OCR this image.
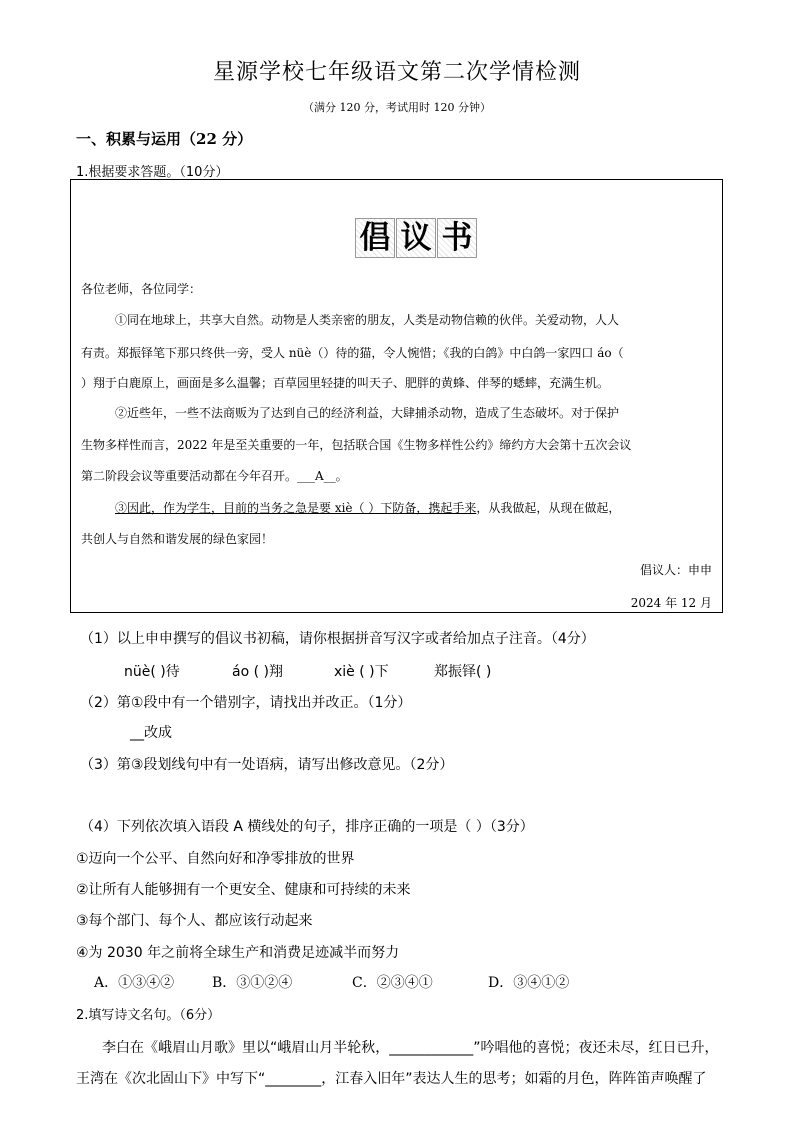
星源学校七年级语文第二次学情检测
（满分 120 分，考试用时 120 分钟）
一、积累与运用（22 分）
1.根据要求答题。（10分）
倡 议 书
各位老师，各位同学：
①同在地球上，共享大自然。动物是人类亲密的朋友，人类是动物信赖的伙伴。关爱动物，人人
有责。郑振铎笔下那只终供一旁，受人 nüè（）待的猫，令人惋惜；《我的白鸽》中白鸽一家四口 áo（
）翔于白鹿原上，画面是多么温馨；百草园里轻捷的叫天子、肥胖的黄蜂、伴琴的蟋蟀，充满生机。
②近些年，一些不法商贩为了达到自己的经济利益，大肆捕杀动物，造成了生态破坏。对于保护
生物多样性而言，2022 年是至关重要的一年，包括联合国《生物多样性公约》缔约方大会第十五次会议
第二阶段会议等重要活动都在今年召开。___A__。
③因此，作为学生，目前的当务之急是要 xiè（ ）下防备，携起手来，从我做起，从现在做起，
共创人与自然和谐发展的绿色家园！
倡议人：申申
2024 年 12 月
（1）以上申申撰写的倡议书初稿，请你根据拼音写汉字或者给加点子注音。（4分）
nüè( )待	áo ( )翔	xiè ( )下	郑振铎( )
（2）第①段中有一个错别字，请找出并改正。（1分）
__改成
（3）第③段划线句中有一处语病，请写出修改意见。（2分）
（4）下列依次填入语段 A 横线处的句子，排序正确的一项是（ ）（3分）
①迈向一个公平、自然向好和净零排放的世界
②让所有人能够拥有一个更安全、健康和可持续的未来
③每个部门、每个人、都应该行动起来
④为 2030 年之前将全球生产和消费足迹减半而努力
A．①③④②	B．③①②④	C．②③④①	D．③④①②
2.填写诗文名句。（6分）
李白在《峨眉山月歌》里以“峨眉山月半轮秋，____________”吟唱他的喜悦；夜还未尽，红日已升，
王湾在《次北固山下》中写下“________，江春入旧年”表达人生的思考；如霜的月色，阵阵笛声唤醒了
